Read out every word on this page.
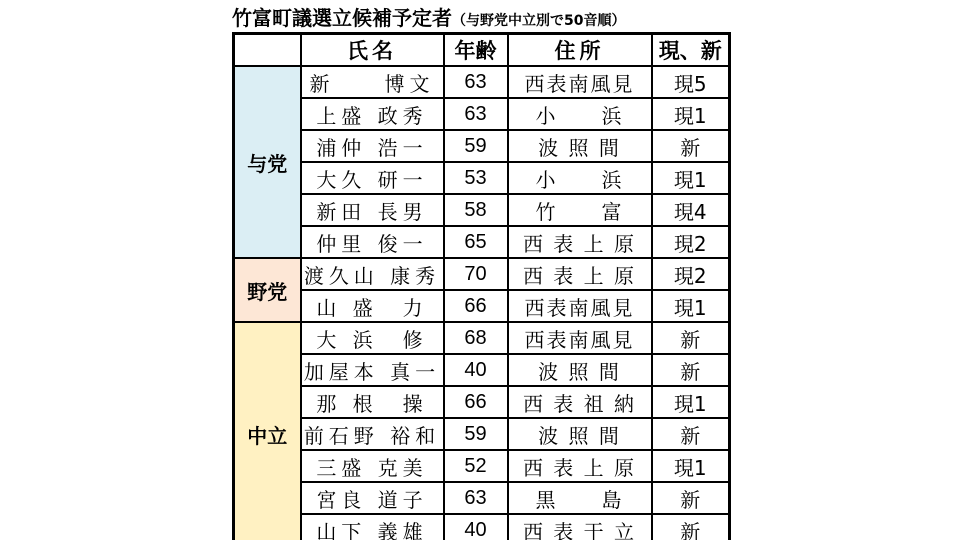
竹富町議選立候補予定者（与野党中立別で50音順）
	氏名	年齢	住所	現、新
与党	新　　博文	63	西表南風見	現5
	上盛 政秀	63	小　　浜	現1
	浦仲 浩一	59	波 照 間	新
	大久 研一	53	小　　浜	現1
	新田 長男	58	竹　　富	現4
	仲里 俊一	65	西 表 上 原	現2
野党	渡久山 康秀	70	西 表 上 原	現2
	山 盛　力	66	西表南風見	現1
中立	大 浜　修	68	西表南風見	新
	加屋本 真一	40	波 照 間	新
	那 根　操	66	西 表 祖 納	現1
	前石野 裕和	59	波 照 間	新
	三盛 克美	52	西 表 上 原	現1
	宮良 道子	63	黒　　島	新
	山下 義雄	40	西 表 干 立	新
